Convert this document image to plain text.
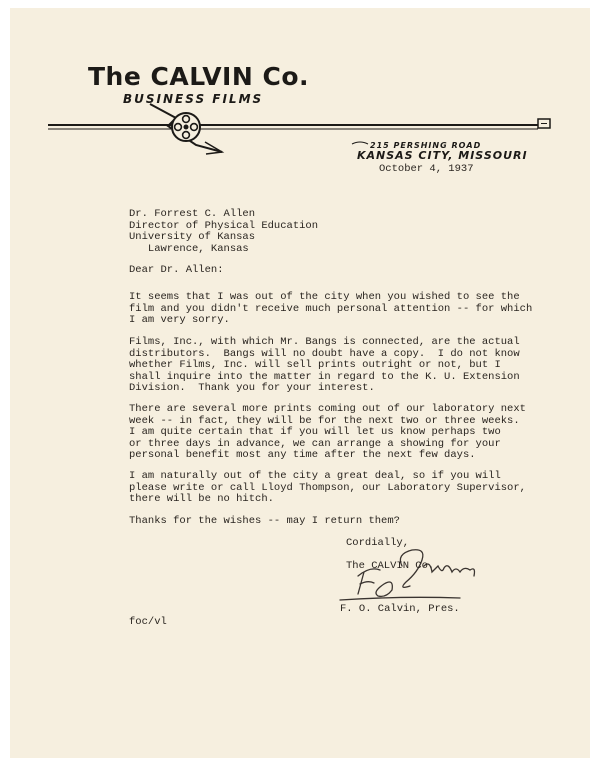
The CALVIN Co.
BUSINESS FILMS
215 PERSHING ROAD
KANSAS CITY, MISSOURI
October 4, 1937
Dr. Forrest C. Allen
Director of Physical Education
University of Kansas
Lawrence, Kansas
Dear Dr. Allen:
It seems that I was out of the city when you wished to see the
film and you didn't receive much personal attention -- for which
I am very sorry.
Films, Inc., with which Mr. Bangs is connected, are the actual
distributors.  Bangs will no doubt have a copy.  I do not know
whether Films, Inc. will sell prints outright or not, but I
shall inquire into the matter in regard to the K. U. Extension
Division.  Thank you for your interest.
There are several more prints coming out of our laboratory next
week -- in fact, they will be for the next two or three weeks.
I am quite certain that if you will let us know perhaps two
or three days in advance, we can arrange a showing for your
personal benefit most any time after the next few days.
I am naturally out of the city a great deal, so if you will
please write or call Lloyd Thompson, our Laboratory Supervisor,
there will be no hitch.
Thanks for the wishes -- may I return them?
Cordially,
The CALVIN Co.
F. O. Calvin, Pres.
foc/vl
